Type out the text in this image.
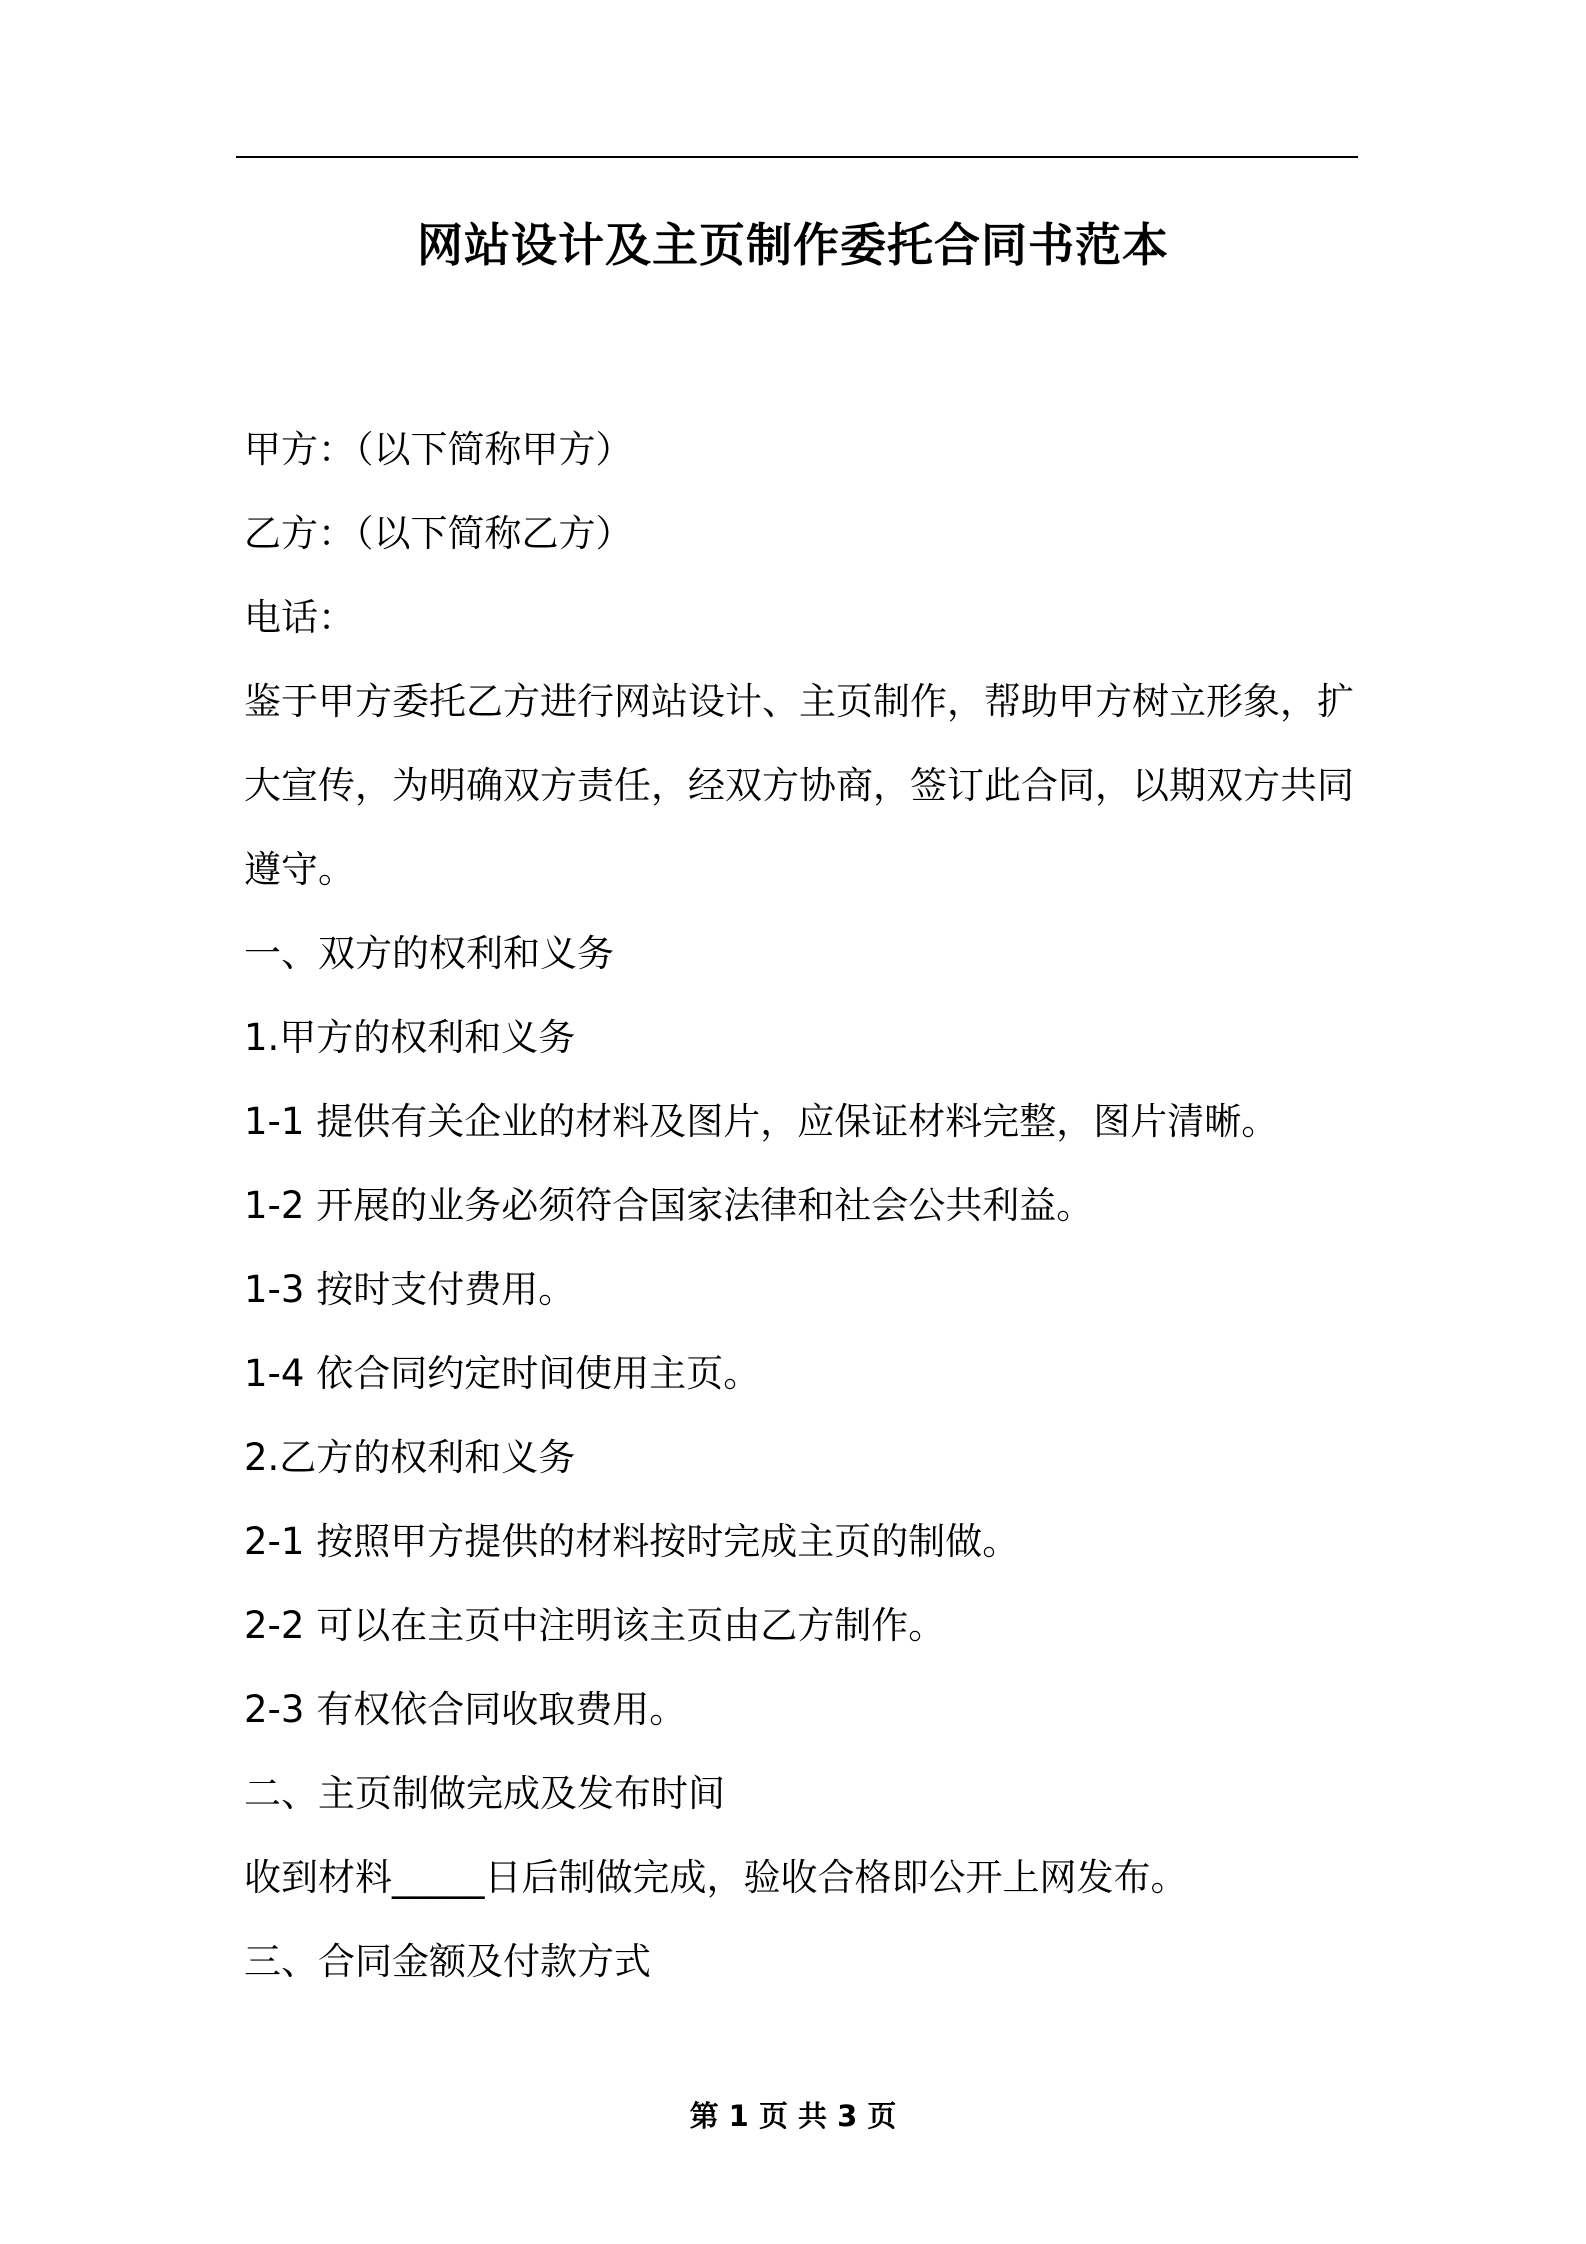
网站设计及主页制作委托合同书范本
甲方：（以下简称甲方）
乙方：（以下简称乙方）
电话：
鉴于甲方委托乙方进行网站设计、主页制作，帮助甲方树立形象，扩
大宣传，为明确双方责任，经双方协商，签订此合同，以期双方共同
遵守。
一、双方的权利和义务
1.甲方的权利和义务
1-1 提供有关企业的材料及图片，应保证材料完整，图片清晰。
1-2 开展的业务必须符合国家法律和社会公共利益。
1-3 按时支付费用。
1-4 依合同约定时间使用主页。
2.乙方的权利和义务
2-1 按照甲方提供的材料按时完成主页的制做。
2-2 可以在主页中注明该主页由乙方制作。
2-3 有权依合同收取费用。
二、主页制做完成及发布时间
收到材料_____日后制做完成，验收合格即公开上网发布。
三、合同金额及付款方式
第 1 页 共 3 页
